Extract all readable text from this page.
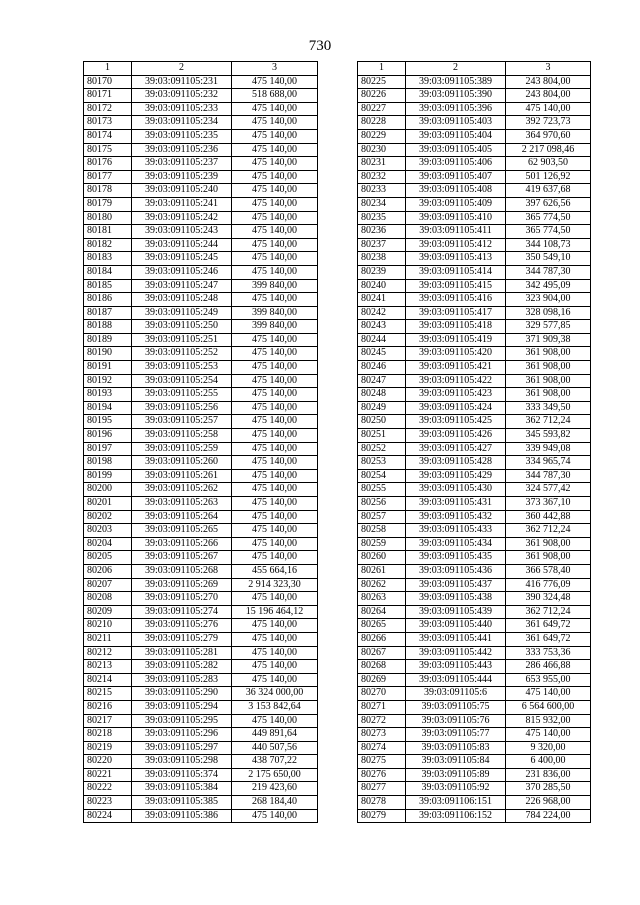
730
1	2	3
80170	39:03:091105:231	475 140,00
80171	39:03:091105:232	518 688,00
80172	39:03:091105:233	475 140,00
80173	39:03:091105:234	475 140,00
80174	39:03:091105:235	475 140,00
80175	39:03:091105:236	475 140,00
80176	39:03:091105:237	475 140,00
80177	39:03:091105:239	475 140,00
80178	39:03:091105:240	475 140,00
80179	39:03:091105:241	475 140,00
80180	39:03:091105:242	475 140,00
80181	39:03:091105:243	475 140,00
80182	39:03:091105:244	475 140,00
80183	39:03:091105:245	475 140,00
80184	39:03:091105:246	475 140,00
80185	39:03:091105:247	399 840,00
80186	39:03:091105:248	475 140,00
80187	39:03:091105:249	399 840,00
80188	39:03:091105:250	399 840,00
80189	39:03:091105:251	475 140,00
80190	39:03:091105:252	475 140,00
80191	39:03:091105:253	475 140,00
80192	39:03:091105:254	475 140,00
80193	39:03:091105:255	475 140,00
80194	39:03:091105:256	475 140,00
80195	39:03:091105:257	475 140,00
80196	39:03:091105:258	475 140,00
80197	39:03:091105:259	475 140,00
80198	39:03:091105:260	475 140,00
80199	39:03:091105:261	475 140,00
80200	39:03:091105:262	475 140,00
80201	39:03:091105:263	475 140,00
80202	39:03:091105:264	475 140,00
80203	39:03:091105:265	475 140,00
80204	39:03:091105:266	475 140,00
80205	39:03:091105:267	475 140,00
80206	39:03:091105:268	455 664,16
80207	39:03:091105:269	2 914 323,30
80208	39:03:091105:270	475 140,00
80209	39:03:091105:274	15 196 464,12
80210	39:03:091105:276	475 140,00
80211	39:03:091105:279	475 140,00
80212	39:03:091105:281	475 140,00
80213	39:03:091105:282	475 140,00
80214	39:03:091105:283	475 140,00
80215	39:03:091105:290	36 324 000,00
80216	39:03:091105:294	3 153 842,64
80217	39:03:091105:295	475 140,00
80218	39:03:091105:296	449 891,64
80219	39:03:091105:297	440 507,56
80220	39:03:091105:298	438 707,22
80221	39:03:091105:374	2 175 650,00
80222	39:03:091105:384	219 423,60
80223	39:03:091105:385	268 184,40
80224	39:03:091105:386	475 140,00
1	2	3
80225	39:03:091105:389	243 804,00
80226	39:03:091105:390	243 804,00
80227	39:03:091105:396	475 140,00
80228	39:03:091105:403	392 723,73
80229	39:03:091105:404	364 970,60
80230	39:03:091105:405	2 217 098,46
80231	39:03:091105:406	62 903,50
80232	39:03:091105:407	501 126,92
80233	39:03:091105:408	419 637,68
80234	39:03:091105:409	397 626,56
80235	39:03:091105:410	365 774,50
80236	39:03:091105:411	365 774,50
80237	39:03:091105:412	344 108,73
80238	39:03:091105:413	350 549,10
80239	39:03:091105:414	344 787,30
80240	39:03:091105:415	342 495,09
80241	39:03:091105:416	323 904,00
80242	39:03:091105:417	328 098,16
80243	39:03:091105:418	329 577,85
80244	39:03:091105:419	371 909,38
80245	39:03:091105:420	361 908,00
80246	39:03:091105:421	361 908,00
80247	39:03:091105:422	361 908,00
80248	39:03:091105:423	361 908,00
80249	39:03:091105:424	333 349,50
80250	39:03:091105:425	362 712,24
80251	39:03:091105:426	345 593,82
80252	39:03:091105:427	339 949,08
80253	39:03:091105:428	334 965,74
80254	39:03:091105:429	344 787,30
80255	39:03:091105:430	324 577,42
80256	39:03:091105:431	373 367,10
80257	39:03:091105:432	360 442,88
80258	39:03:091105:433	362 712,24
80259	39:03:091105:434	361 908,00
80260	39:03:091105:435	361 908,00
80261	39:03:091105:436	366 578,40
80262	39:03:091105:437	416 776,09
80263	39:03:091105:438	390 324,48
80264	39:03:091105:439	362 712,24
80265	39:03:091105:440	361 649,72
80266	39:03:091105:441	361 649,72
80267	39:03:091105:442	333 753,36
80268	39:03:091105:443	286 466,88
80269	39:03:091105:444	653 955,00
80270	39:03:091105:6	475 140,00
80271	39:03:091105:75	6 564 600,00
80272	39:03:091105:76	815 932,00
80273	39:03:091105:77	475 140,00
80274	39:03:091105:83	9 320,00
80275	39:03:091105:84	6 400,00
80276	39:03:091105:89	231 836,00
80277	39:03:091105:92	370 285,50
80278	39:03:091106:151	226 968,00
80279	39:03:091106:152	784 224,00
